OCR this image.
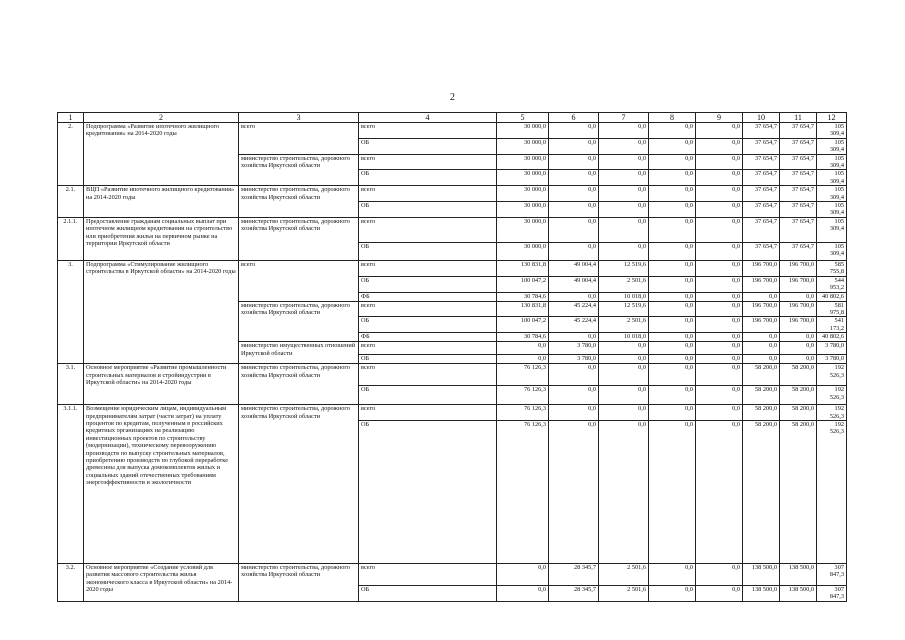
2
1	2	3	4	5	6	7	8	9	10	11	12
2.	Подпрограмма «Развитие ипотечного жилищного кредитования» на 2014-2020 годы	всего	всего	30 000,0	0,0	0,0	0,0	0,0	37 654,7	37 654,7	105 309,4
			ОБ	30 000,0	0,0	0,0	0,0	0,0	37 654,7	37 654,7	105 309,4
		министерство строительства, дорожного хозяйства Иркутской области	всего	30 000,0	0,0	0,0	0,0	0,0	37 654,7	37 654,7	105 309,4
			ОБ	30 000,0	0,0	0,0	0,0	0,0	37 654,7	37 654,7	105 309,4
2.1.	ВЦП «Развитие ипотечного жилищного кредитования» на 2014-2020 годы	министерство строительства, дорожного хозяйства Иркутской области	всего	30 000,0	0,0	0,0	0,0	0,0	37 654,7	37 654,7	105 309,4
			ОБ	30 000,0	0,0	0,0	0,0	0,0	37 654,7	37 654,7	105 309,4
2.1.1.	Предоставление гражданам социальных выплат при ипотечном жилищном кредитовании на строительство или приобретения жилья на первичном рынке на территории Иркутской области	министерство строительства, дорожного хозяйства Иркутской области	всего	30 000,0	0,0	0,0	0,0	0,0	37 654,7	37 654,7	105 309,4
			ОБ	30 000,0	0,0	0,0	0,0	0,0	37 654,7	37 654,7	105 309,4
3.	Подпрограмма «Стимулирование жилищного строительства в Иркутской области» на 2014-2020 годы	всего	всего	130 831,8	49 004,4	12 519,6	0,0	0,0	196 700,0	196 700,0	585 755,8
			ОБ	100 047,2	49 004,4	2 501,6	0,0	0,0	196 700,0	196 700,0	544 953,2
			ФБ	30 784,6	0,0	10 018,0	0,0	0,0	0,0	0,0	40 802,6
		министерство строительства, дорожного хозяйства Иркутской области	всего	130 831,8	45 224,4	12 519,6	0,0	0,0	196 700,0	196 700,0	581 975,8
			ОБ	100 047,2	45 224,4	2 501,6	0,0	0,0	196 700,0	196 700,0	541 173,2
			ФБ	30 784,6	0,0	10 018,0	0,0	0,0	0,0	0,0	40 802,6
		министерство имущественных отношений Иркутской области	всего	0,0	3 780,0	0,0	0,0	0,0	0,0	0,0	3 780,0
			ОБ	0,0	3 780,0	0,0	0,0	0,0	0,0	0,0	3 780,0
3.1.	Основное мероприятие «Развитие промышленности строительных материалов и стройиндустрии в Иркутской области» на 2014-2020 годы	министерство строительства, дорожного хозяйства Иркутской области	всего	76 126,3	0,0	0,0	0,0	0,0	58 200,0	58 200,0	192 526,3
			ОБ	76 126,3	0,0	0,0	0,0	0,0	58 200,0	58 200,0	192 526,3
3.1.1.	Возмещение юридическим лицам, индивидуальным предпринимателям затрат (части затрат) на уплату процентов по кредитам, полученным в российских кредитных организациях на реализацию инвестиционных проектов по строительству (модернизации), техническому перевооружению производств по выпуску строительных материалов, приобретению производств по глубокой переработке древесины для выпуска домокомплектов жилых и социальных зданий отечественных требованиям энергоэффективности и экологичности	министерство строительства, дорожного хозяйства Иркутской области	всего	76 126,3	0,0	0,0	0,0	0,0	58 200,0	58 200,0	192 526,3
			ОБ	76 126,3	0,0	0,0	0,0	0,0	58 200,0	58 200,0	192 526,3
3.2.	Основное мероприятие «Создание условий для развития массового строительства жилья экономического класса в Иркутской области» на 2014-2020 годы	министерство строительства, дорожного хозяйства Иркутской области	всего	0,0	28 345,7	2 501,6	0,0	0,0	138 500,0	138 500,0	307 847,3
			ОБ	0,0	28 345,7	2 501,6	0,0	0,0	138 500,0	138 500,0	307 847,3
